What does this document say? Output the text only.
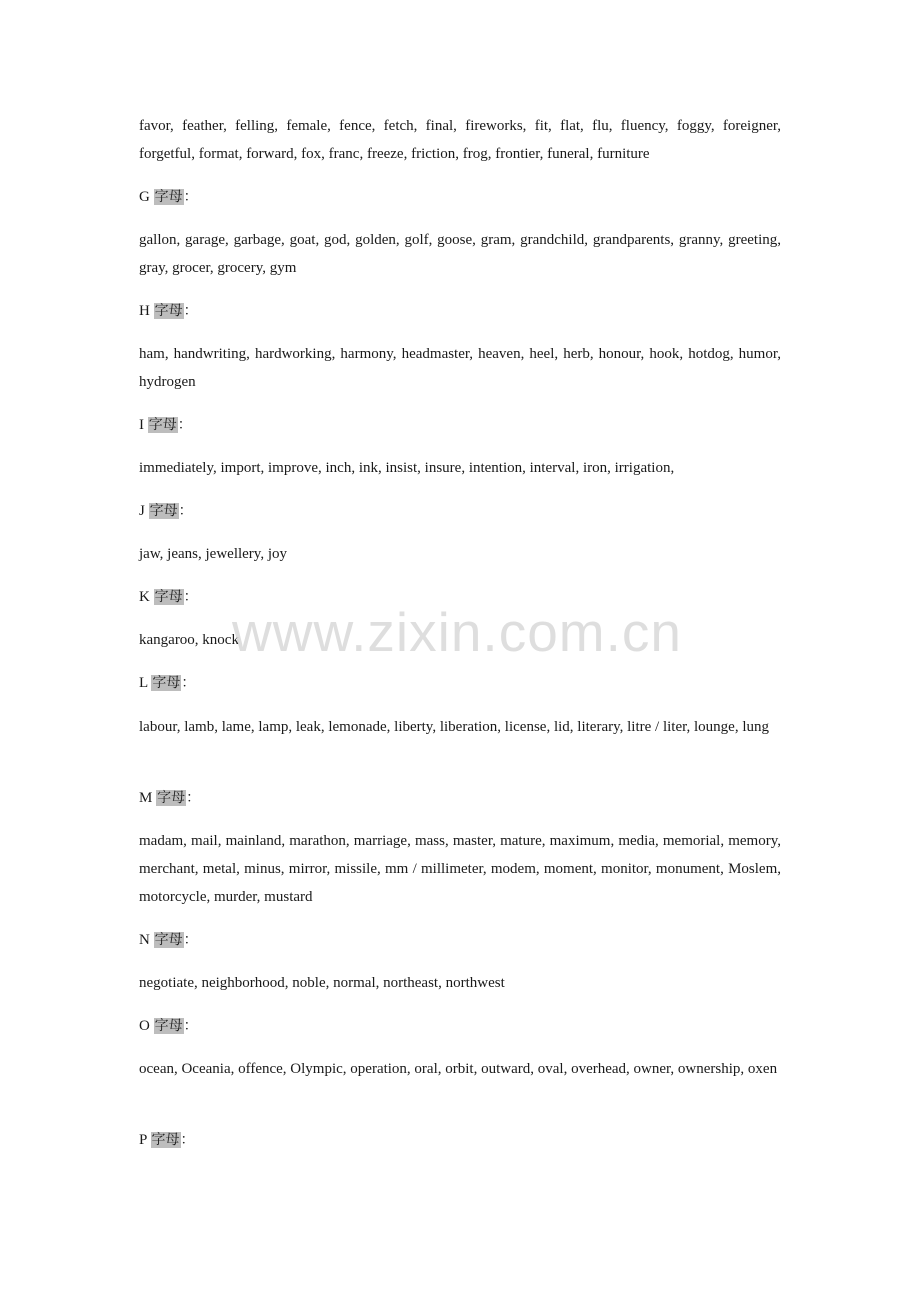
favor, feather, felling, female, fence, fetch, final, fireworks, fit, flat, flu, fluency, foggy, foreigner, forgetful, format, forward, fox, franc, freeze, friction, frog, frontier, funeral, furniture

G 字母：

gallon, garage, garbage, goat, god, golden, golf, goose, gram, grandchild, grandparents, granny, greeting, gray, grocer, grocery, gym

H 字母：

ham, handwriting, hardworking, harmony, headmaster, heaven, heel, herb, honour, hook, hotdog, humor, hydrogen

I 字母：

immediately, import, improve, inch, ink, insist, insure, intention, interval, iron, irrigation,

J 字母：

jaw, jeans, jewellery, joy

K 字母：

kangaroo, knock

L 字母：

labour, lamb, lame, lamp, leak, lemonade, liberty, liberation, license, lid, literary, litre / liter, lounge, lung

M 字母：

madam, mail, mainland, marathon, marriage, mass, master, mature, maximum, media, memorial, memory, merchant, metal, minus, mirror, missile, mm / millimeter, modem, moment, monitor, monument, Moslem, motorcycle, murder, mustard

N 字母：

negotiate, neighborhood, noble, normal, northeast, northwest

O 字母：

ocean, Oceania, offence, Olympic, operation, oral, orbit, outward, oval, overhead, owner, ownership, oxen

P 字母：

www.zixin.com.cn
